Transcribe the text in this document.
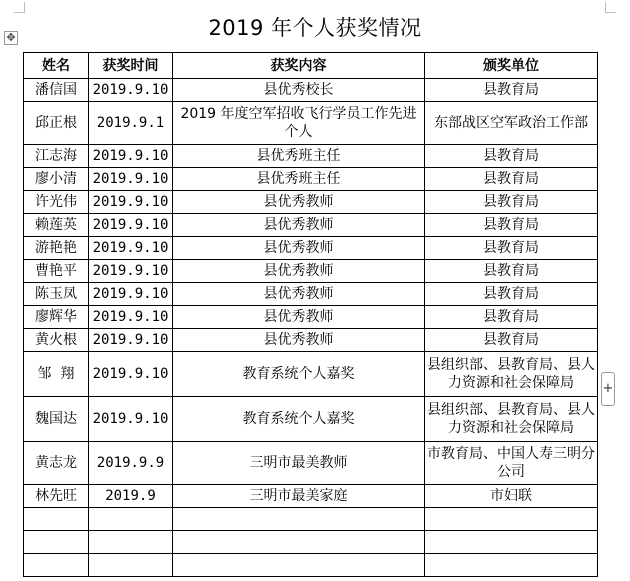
2019 年个人获奖情况
✥
+
姓名	获奖时间	获奖内容	颁奖单位
潘信国	2019.9.10	县优秀校长	县教育局
邱正根	2019.9.1	2019 年度空军招收飞行学员工作先进个人	东部战区空军政治工作部
江志海	2019.9.10	县优秀班主任	县教育局
廖小清	2019.9.10	县优秀班主任	县教育局
许光伟	2019.9.10	县优秀教师	县教育局
赖莲英	2019.9.10	县优秀教师	县教育局
游艳艳	2019.9.10	县优秀教师	县教育局
曹艳平	2019.9.10	县优秀教师	县教育局
陈玉凤	2019.9.10	县优秀教师	县教育局
廖辉华	2019.9.10	县优秀教师	县教育局
黄火根	2019.9.10	县优秀教师	县教育局
邹  翔	2019.9.10	教育系统个人嘉奖	县组织部、县教育局、县人力资源和社会保障局
魏国达	2019.9.10	教育系统个人嘉奖	县组织部、县教育局、县人力资源和社会保障局
黄志龙	2019.9.9	三明市最美教师	市教育局、中国人寿三明分公司
林先旺	2019.9	三明市最美家庭	市妇联
